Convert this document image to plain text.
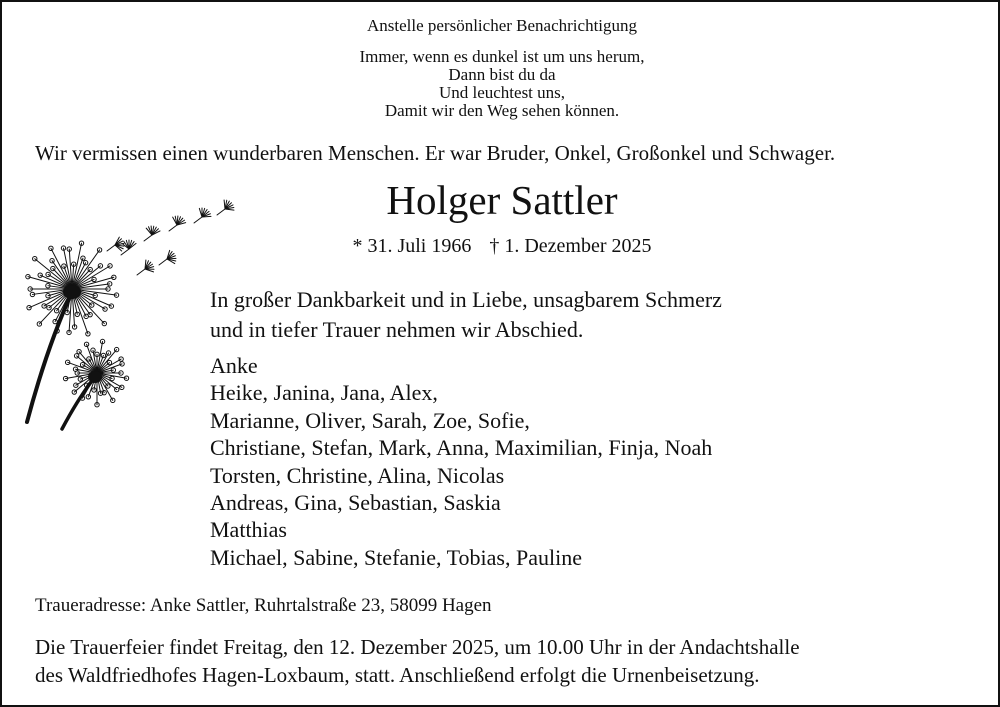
Anstelle persönlicher Benachrichtigung
Immer, wenn es dunkel ist um uns herum,
Dann bist du da
Und leuchtest uns,
Damit wir den Weg sehen können.
Wir vermissen einen wunderbaren Menschen. Er war Bruder, Onkel, Großonkel und Schwager.
Holger Sattler
* 31. Juli 1966 † 1. Dezember 2025
In großer Dankbarkeit und in Liebe, unsagbarem Schmerz
und in tiefer Trauer nehmen wir Abschied.
Anke
Heike, Janina, Jana, Alex,
Marianne, Oliver, Sarah, Zoe, Sofie,
Christiane, Stefan, Mark, Anna, Maximilian, Finja, Noah
Torsten, Christine, Alina, Nicolas
Andreas, Gina, Sebastian, Saskia
Matthias
Michael, Sabine, Stefanie, Tobias, Pauline
Traueradresse: Anke Sattler, Ruhrtalstraße 23, 58099 Hagen
Die Trauerfeier findet Freitag, den 12. Dezember 2025, um 10.00 Uhr in der Andachtshalle
des Waldfriedhofes Hagen-Loxbaum, statt. Anschließend erfolgt die Urnenbeisetzung.
